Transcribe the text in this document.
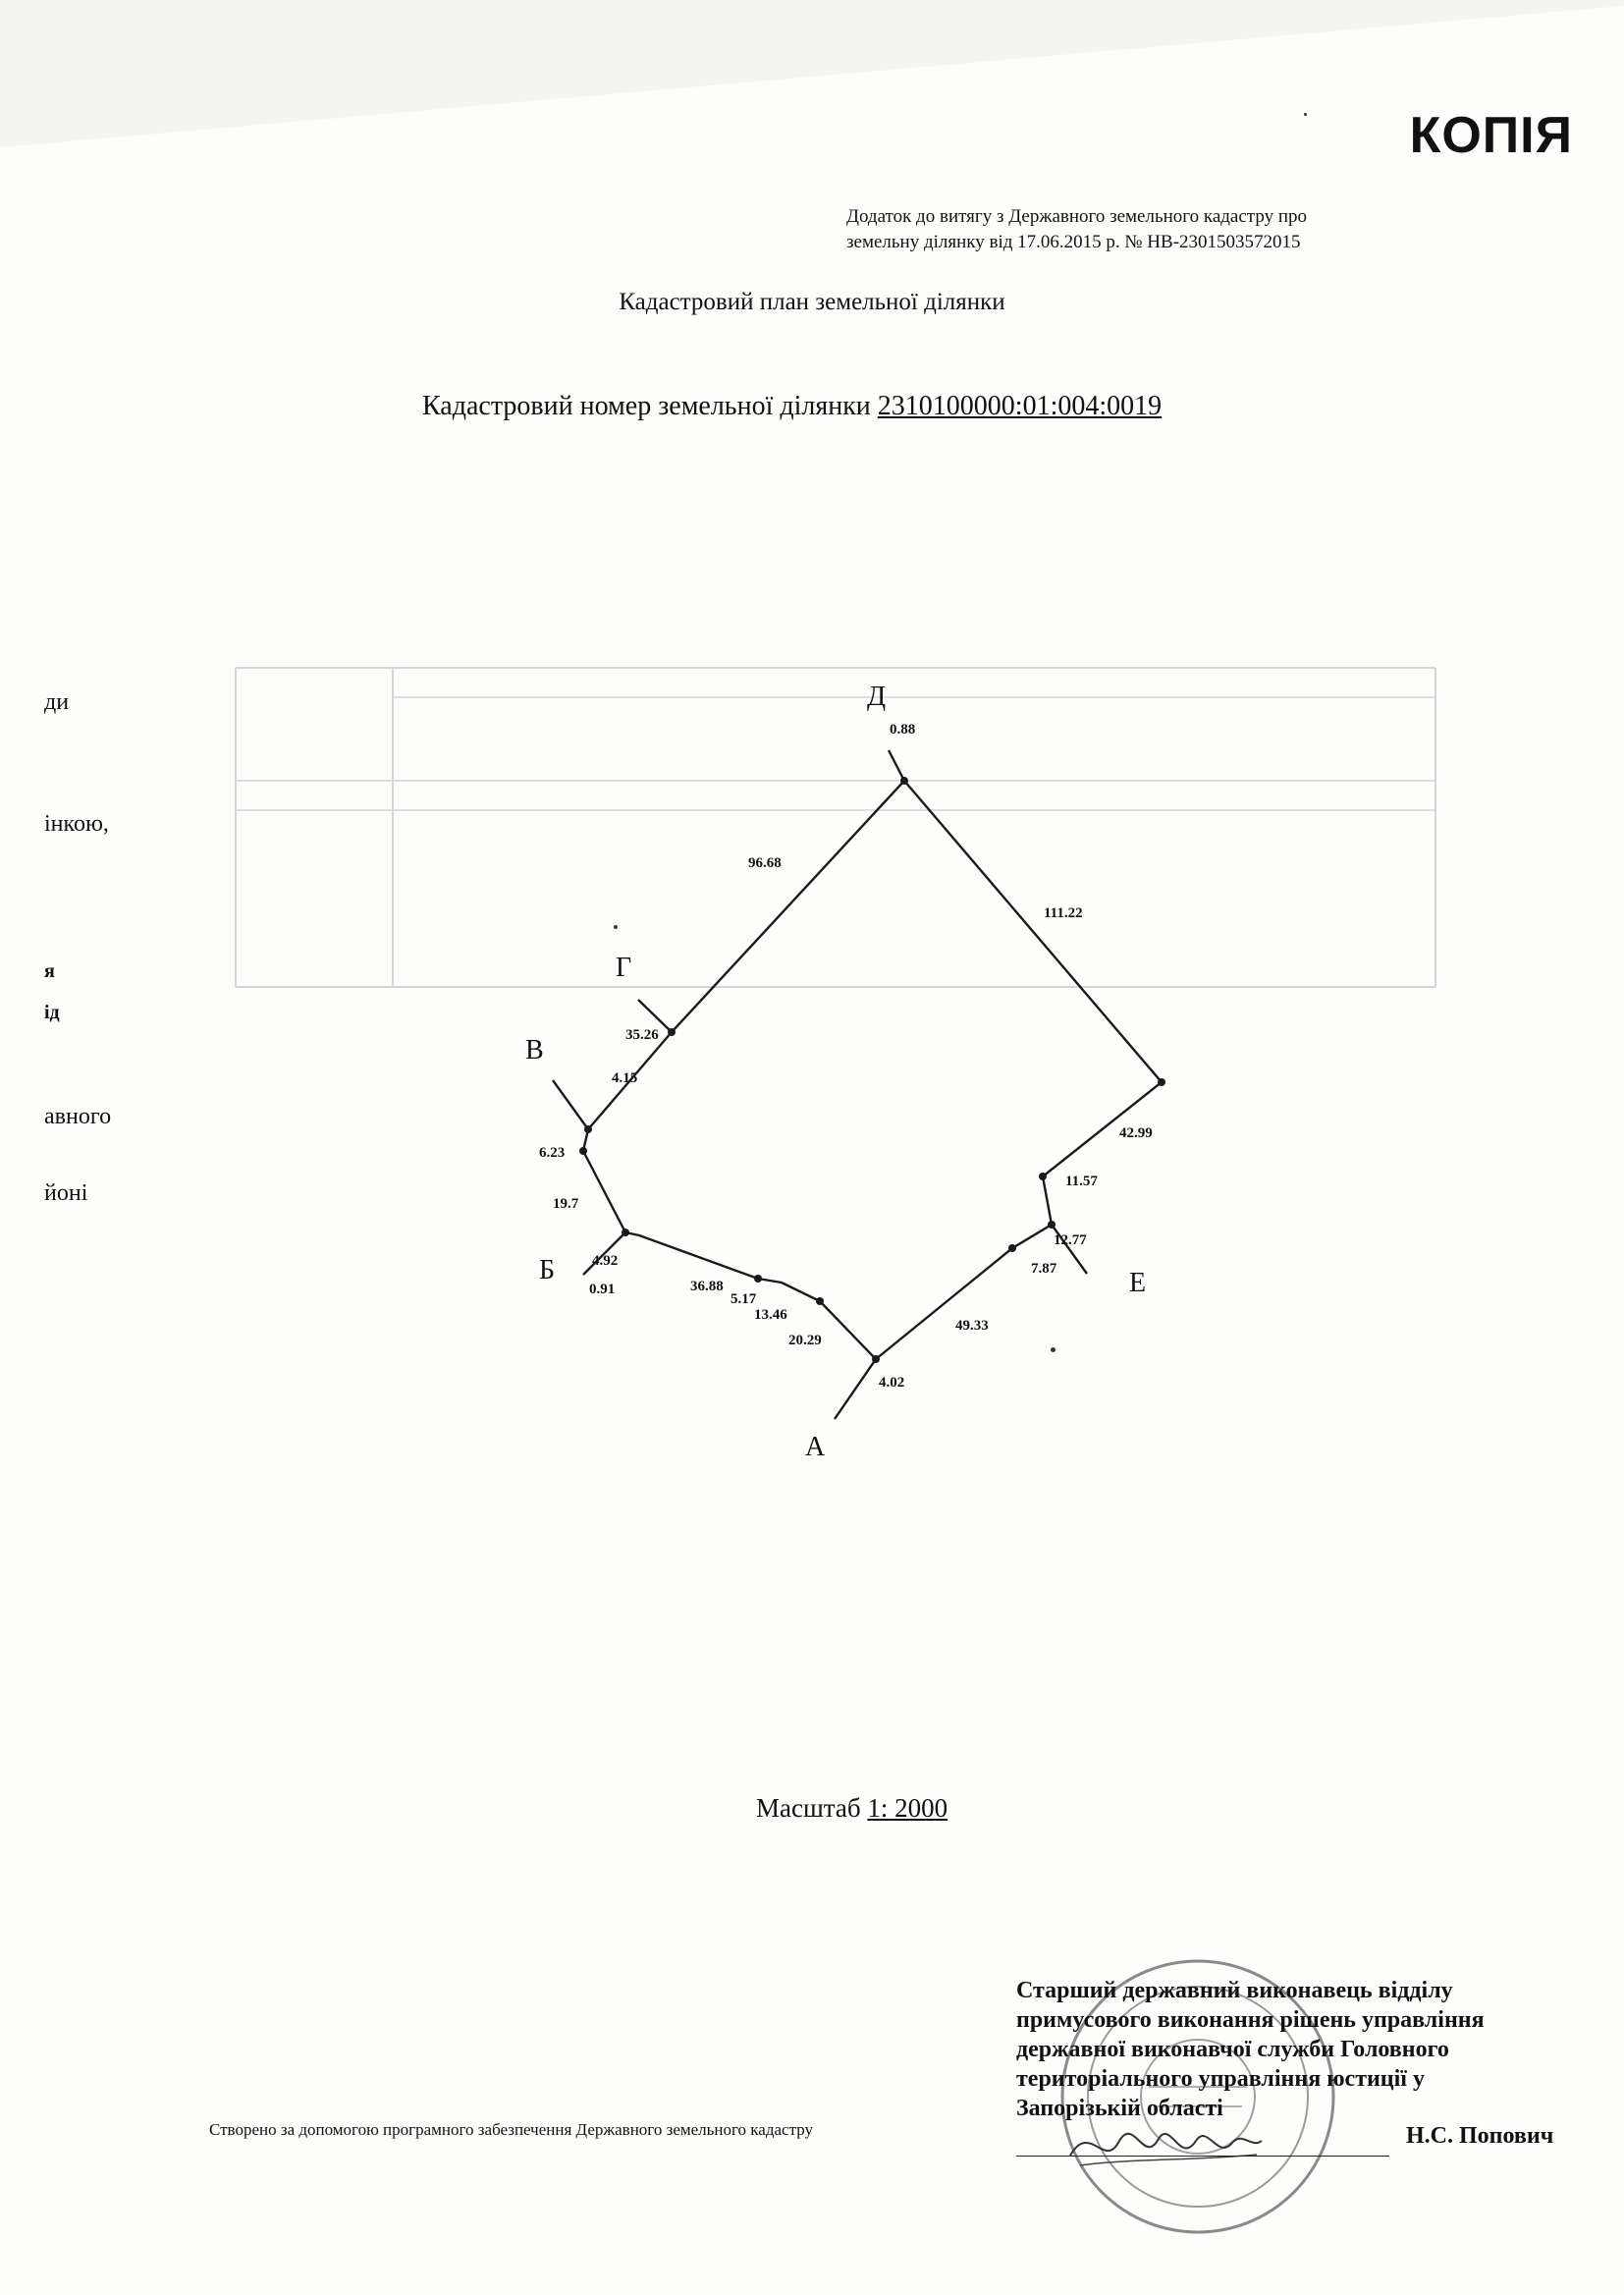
КОПІЯ
Додаток до витягу з Державного земельного кадастру про
земельну ділянку від 17.06.2015 р. № НВ-2301503572015
Кадастровий план земельної ділянки
Кадастровий номер земельної ділянки 2310100000:01:004:0019
ди
інкою,
я
ід
авного
йоні
А
Б
В
Г
Д
Е
0.88
96.68
111.22
35.26
4.15
6.23
19.7
4.92
0.91	36.88
5.17
13.46
20.29
4.02
49.33
7.87
12.77
11.57
42.99
Масштаб 1: 2000
Старший державний виконавець відділу
примусового виконання рішень управління
державної виконавчої служби Головного
територіального управління юстиції у
Запорізькій області
Н.С. Попович
Створено за допомогою програмного забезпечення Державного земельного кадастру
